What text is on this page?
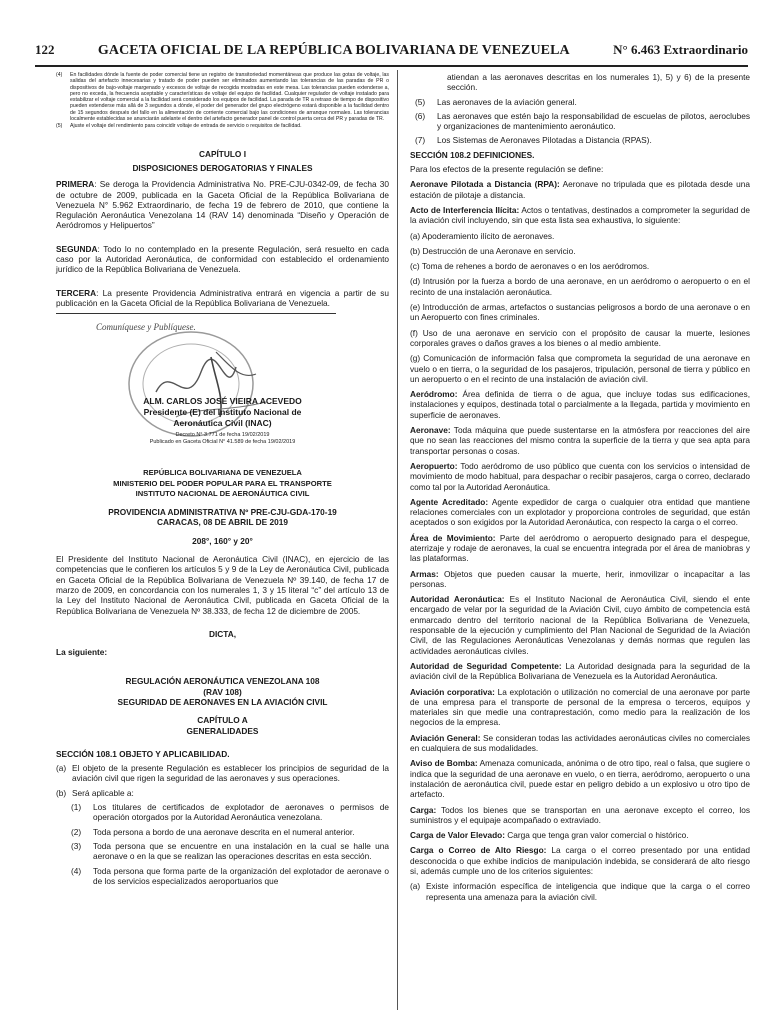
122	GACETA OFICIAL DE LA REPÚBLICA BOLIVARIANA DE VENEZUELA	N° 6.463 Extraordinario
(4)	En facilidades dónde la fuente de poder comercial tiene un registro de transitoriedad momentáneas que produce las gotas de voltaje, las salidas del artefacto innecesarias y tratado de poder pueden ser eliminados aumentando las tolerancias de las paradas de PR o dispositivos de bajo-voltaje margenado y excesos de voltaje de recogida mostradas en este mesa. Las tolerancias pueden extenderse a, pero no exceda, la frecuencia aceptable y características de voltaje del equipo de facilidad. Cualquier regulador de voltaje instalado para estabilizar el voltaje comercial a la facilidad será considerado los equipos de facilidad. La parada de TR a retraso de tiempo de dispositivo pueden extenderse más allá de 3 segundos a dónde, el poder del generador del grupo electrógeno estará disponible a la facilidad dentro de 15 segundos después del fallo en la alimentación de corriente comercial bajo las condiciones de arranque normales. Las tolerancias localmente establecidas se anunciarán adelante el dentro del artefacto generador panel de control puerta cerca del PR y paradas de TR.
(5)	Ajuste el voltaje del rendimiento para coincidir voltaje de entrada de servicio o requisitos de facilidad.

CAPÍTULO I

DISPOSICIONES DEROGATORIAS Y FINALES

PRIMERA: Se deroga la Providencia Administrativa No. PRE-CJU-0342-09, de fecha 30 de octubre de 2009, publicada en la Gaceta Oficial de la República Bolivariana de Venezuela N° 5.962 Extraordinario, de fecha 19 de febrero de 2010, que contiene la Regulación Aeronáutica Venezolana 14 (RAV 14) denominada “Diseño y Operación de Aeródromos y Helipuertos”

SEGUNDA: Todo lo no contemplado en la presente Regulación, será resuelto en cada caso por la Autoridad Aeronáutica, de conformidad con establecido el ordenamiento jurídico de la República Bolivariana de Venezuela.

TERCERA: La presente Providencia Administrativa entrará en vigencia a partir de su publicación en la Gaceta Oficial de la República Bolivariana de Venezuela.

Comuníquese y Publíquese.
ALM. CARLOS JOSÉ VIEIRA ACEVEDO
Presidente (E) del Instituto Nacional de
Aeronáutica Civil (INAC)
Decreto N° 3.771 de fecha 19/02/2019
Publicado en Gaceta Oficial N° 41.589 de fecha 19/02/2019

REPÚBLICA BOLIVARIANA DE VENEZUELA

MINISTERIO DEL PODER POPULAR PARA EL TRANSPORTE

INSTITUTO NACIONAL DE AERONÁUTICA CIVIL

PROVIDENCIA ADMINISTRATIVA Nº PRE-CJU-GDA-170-19

CARACAS, 08 DE ABRIL DE 2019

208°, 160° y 20°

El Presidente del Instituto Nacional de Aeronáutica Civil (INAC), en ejercicio de las competencias que le confieren los artículos 5 y 9 de la Ley de Aeronáutica Civil, publicada en Gaceta Oficial de la República Bolivariana de Venezuela Nº 39.140, de fecha 17 de marzo de 2009, en concordancia con los numerales 1, 3 y 15 literal “c” del artículo 13 de la Ley del Instituto Nacional de Aeronáutica Civil, publicada en Gaceta Oficial de la República Bolivariana de Venezuela Nº 38.333, de fecha 12 de diciembre de 2005.

DICTA,

La siguiente:

REGULACIÓN AERONÁUTICA VENEZOLANA 108

(RAV 108)

SEGURIDAD DE AERONAVES EN LA AVIACIÓN CIVIL

CAPÍTULO A

GENERALIDADES

SECCIÓN 108.1 OBJETO Y APLICABILIDAD.

(a) El objeto de la presente Regulación es establecer los principios de seguridad de la aviación civil que rigen la seguridad de las aeronaves y sus operaciones.
(b) Será aplicable a:
(1)	Los titulares de certificados de explotador de aeronaves o permisos de operación otorgados por la Autoridad Aeronáutica venezolana.
(2)	Toda persona a bordo de una aeronave descrita en el numeral anterior.
(3)	Toda persona que se encuentre en una instalación en la cual se halle una aeronave o en la que se realizan las operaciones descritas en esta sección.
(4)	Toda persona que forma parte de la organización del explotador de aeronave o de los servicios especializados aeroportuarios que
atiendan a las aeronaves descritas en los numerales 1), 5) y 6) de la presente sección.
(5)	Las aeronaves de la aviación general.
(6)	Las aeronaves que estén bajo la responsabilidad de escuelas de pilotos, aeroclubes y organizaciones de mantenimiento aeronáutico.
(7)	Los Sistemas de Aeronaves Pilotadas a Distancia (RPAS).

SECCIÓN 108.2 DEFINICIONES.

Para los efectos de la presente regulación se define:

Aeronave Pilotada a Distancia (RPA): Aeronave no tripulada que es pilotada desde una estación de pilotaje a distancia.

Acto de Interferencia Ilícita: Actos o tentativas, destinados a comprometer la seguridad de la aviación civil incluyendo, sin que esta lista sea exhaustiva, lo siguiente:

(a) Apoderamiento ilícito de aeronaves.

(b) Destrucción de una Aeronave en servicio.

(c) Toma de rehenes a bordo de aeronaves o en los aeródromos.

(d) Intrusión por la fuerza a bordo de una aeronave, en un aeródromo o aeropuerto o en el recinto de una instalación aeronáutica.

(e) Introducción de armas, artefactos o sustancias peligrosos a bordo de una aeronave o en un Aeropuerto con fines criminales.

(f) Uso de una aeronave en servicio con el propósito de causar la muerte, lesiones corporales graves o daños graves a los bienes o al medio ambiente.

(g) Comunicación de información falsa que comprometa la seguridad de una aeronave en vuelo o en tierra, o la seguridad de los pasajeros, tripulación, personal de tierra y público en un aeropuerto o en el recinto de una instalación de aviación civil.

Aeródromo: Área definida de tierra o de agua, que incluye todas sus edificaciones, instalaciones y equipos, destinada total o parcialmente a la llegada, partida y movimiento en superficie de aeronaves.

Aeronave: Toda máquina que puede sustentarse en la atmósfera por reacciones del aire que no sean las reacciones del mismo contra la superficie de la tierra y que sea apta para transportar personas o cosas.

Aeropuerto: Todo aeródromo de uso público que cuenta con los servicios o intensidad de movimiento de modo habitual, para despachar o recibir pasajeros, carga o correo, declarado como tal por la Autoridad Aeronáutica.

Agente Acreditado: Agente expedidor de carga o cualquier otra entidad que mantiene relaciones comerciales con un explotador y proporciona controles de seguridad, que están aceptados o son exigidos por la Autoridad Aeronáutica, con respecto la carga o el correo.

Área de Movimiento: Parte del aeródromo o aeropuerto designado para el despegue, aterrizaje y rodaje de aeronaves, la cual se encuentra integrada por el área de maniobras y las plataformas.

Armas: Objetos que pueden causar la muerte, herir, inmovilizar o incapacitar a las personas.

Autoridad Aeronáutica: Es el Instituto Nacional de Aeronáutica Civil, siendo el ente encargado de velar por la seguridad de la Aviación Civil, cuyo ámbito de competencia está enmarcado dentro del territorio nacional de la República Bolivariana de Venezuela, responsable de la ejecución y cumplimiento del Plan Nacional de Seguridad de la Aviación Civil, de las Regulaciones Aeronáuticas Venezolanas y demás normas que regulen las actividades aeronáuticas civiles.

Autoridad de Seguridad Competente: La Autoridad designada para la seguridad de la aviación civil de la República Bolivariana de Venezuela es la Autoridad Aeronáutica.

Aviación corporativa: La explotación o utilización no comercial de una aeronave por parte de una empresa para el transporte de personal de la empresa o terceros, equipos y materiales sin que medie una contraprestación, como medio para la realización de los negocios de la empresa.

Aviación General: Se consideran todas las actividades aeronáuticas civiles no comerciales en cualquiera de sus modalidades.

Aviso de Bomba: Amenaza comunicada, anónima o de otro tipo, real o falsa, que sugiere o indica que la seguridad de una aeronave en vuelo, o en tierra, aeródromo, aeropuerto o una instalación de aeronáutica civil, puede estar en peligro debido a un explosivo u otro tipo de artefacto.

Carga: Todos los bienes que se transportan en una aeronave excepto el correo, los suministros y el equipaje acompañado o extraviado.

Carga de Valor Elevado: Carga que tenga gran valor comercial o histórico.

Carga o Correo de Alto Riesgo: La carga o el correo presentado por una entidad desconocida o que exhibe indicios de manipulación indebida, se considerará de alto riesgo si, además cumple uno de los criterios siguientes:

(a) Existe información específica de inteligencia que indique que la carga o el correo representa una amenaza para la aviación civil.
